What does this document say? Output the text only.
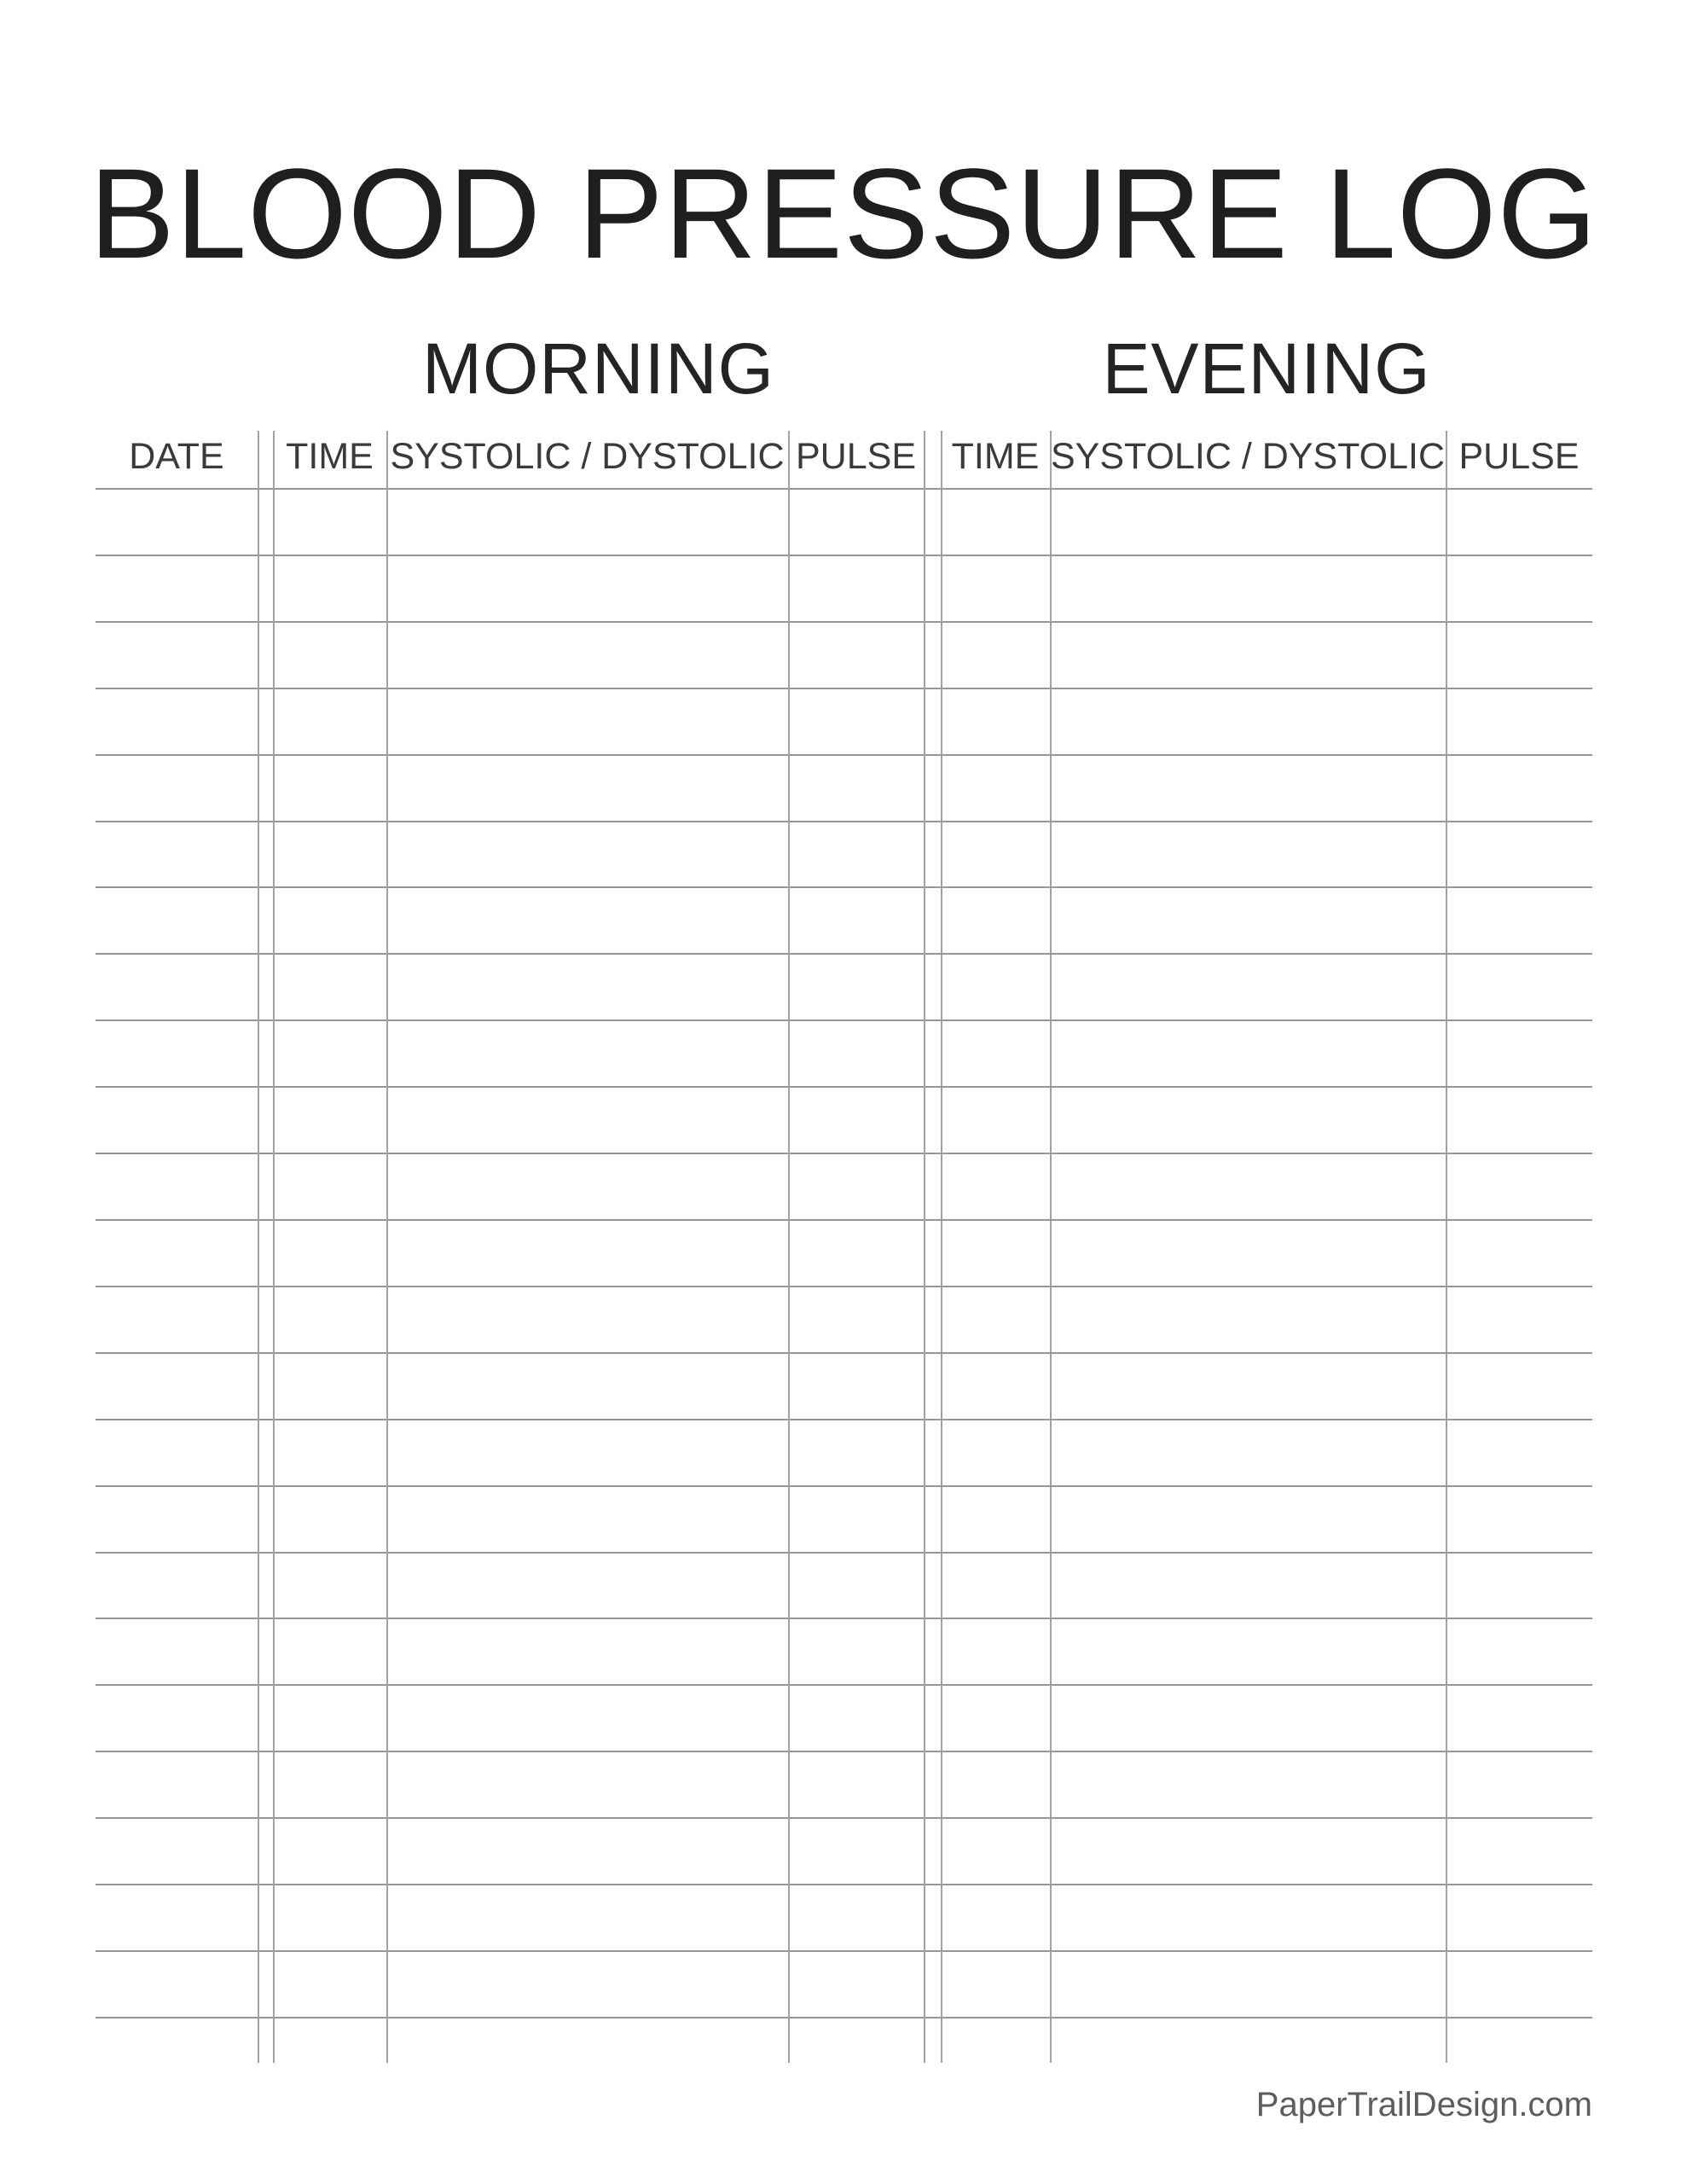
BLOOD PRESSURE LOG
MORNING	EVENING
DATE	TIME SYSTOLIC / DYSTOLIC PULSE TIME SYSTOLIC / DYSTOLIC PULSE
PaperTrailDesign.com
